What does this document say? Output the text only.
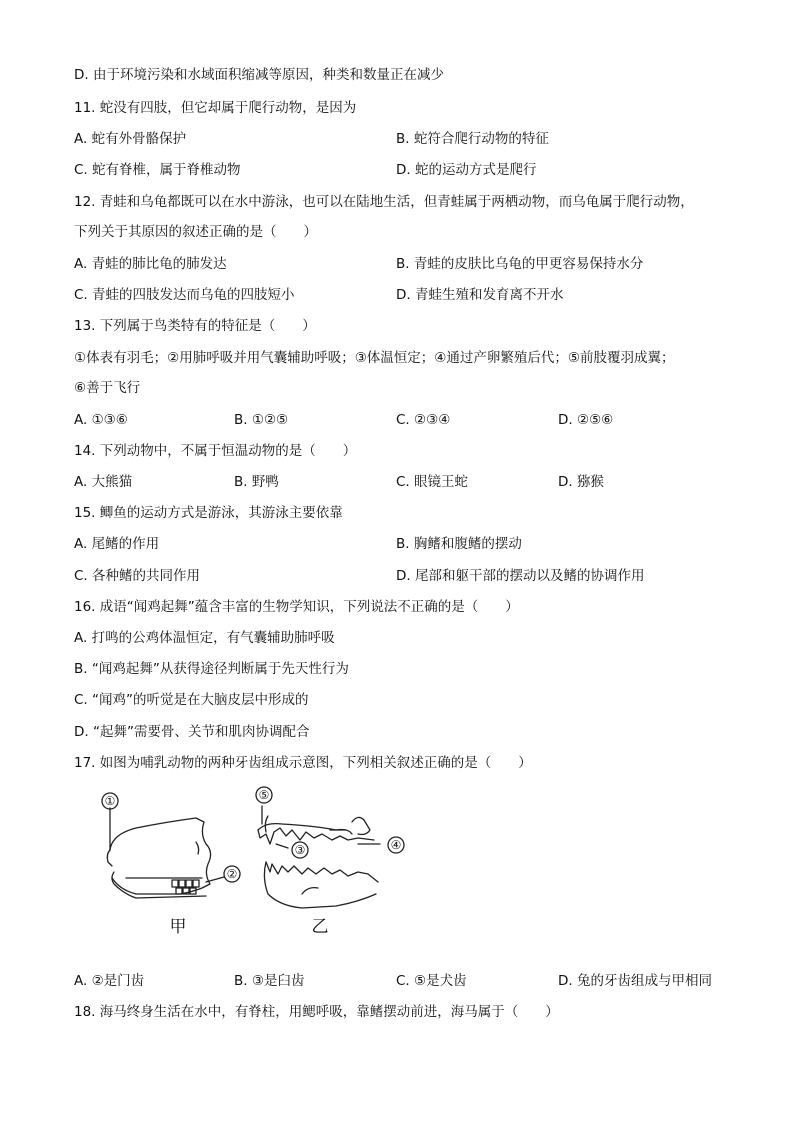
D. 由于环境污染和水域面积缩减等原因，种类和数量正在减少
11. 蛇没有四肢，但它却属于爬行动物，是因为
A. 蛇有外骨骼保护	B. 蛇符合爬行动物的特征
C. 蛇有脊椎，属于脊椎动物	D. 蛇的运动方式是爬行
12. 青蛙和乌龟都既可以在水中游泳，也可以在陆地生活，但青蛙属于两栖动物，而乌龟属于爬行动物，
下列关于其原因的叙述正确的是（　　）
A. 青蛙的肺比龟的肺发达	B. 青蛙的皮肤比乌龟的甲更容易保持水分
C. 青蛙的四肢发达而乌龟的四肢短小	D. 青蛙生殖和发育离不开水
13. 下列属于鸟类特有的特征是（　　）
①体表有羽毛；②用肺呼吸并用气囊辅助呼吸；③体温恒定；④通过产卵繁殖后代；⑤前肢覆羽成翼；
⑥善于飞行
A. ①③⑥	B. ①②⑤	C. ②③④	D. ②⑤⑥
14. 下列动物中，不属于恒温动物的是（　　）
A. 大熊猫	B. 野鸭	C. 眼镜王蛇	D. 猕猴
15. 鲫鱼的运动方式是游泳，其游泳主要依靠
A. 尾鳍的作用	B. 胸鳍和腹鳍的摆动
C. 各种鳍的共同作用	D. 尾部和躯干部的摆动以及鳍的协调作用
16. 成语“闻鸡起舞”蕴含丰富的生物学知识，下列说法不正确的是（　　）
A. 打鸣的公鸡体温恒定，有气囊辅助肺呼吸
B. “闻鸡起舞”从获得途径判断属于先天性行为
C. “闻鸡”的听觉是在大脑皮层中形成的
D. “起舞”需要骨、关节和肌肉协调配合
17. 如图为哺乳动物的两种牙齿组成示意图，下列相关叙述正确的是（　　）
①
②
③	④
⑤
甲	乙
A. ②是门齿	B. ③是臼齿	C. ⑤是犬齿	D. 兔的牙齿组成与甲相同
18. 海马终身生活在水中，有脊柱，用鳃呼吸，靠鳍摆动前进，海马属于（　　）
